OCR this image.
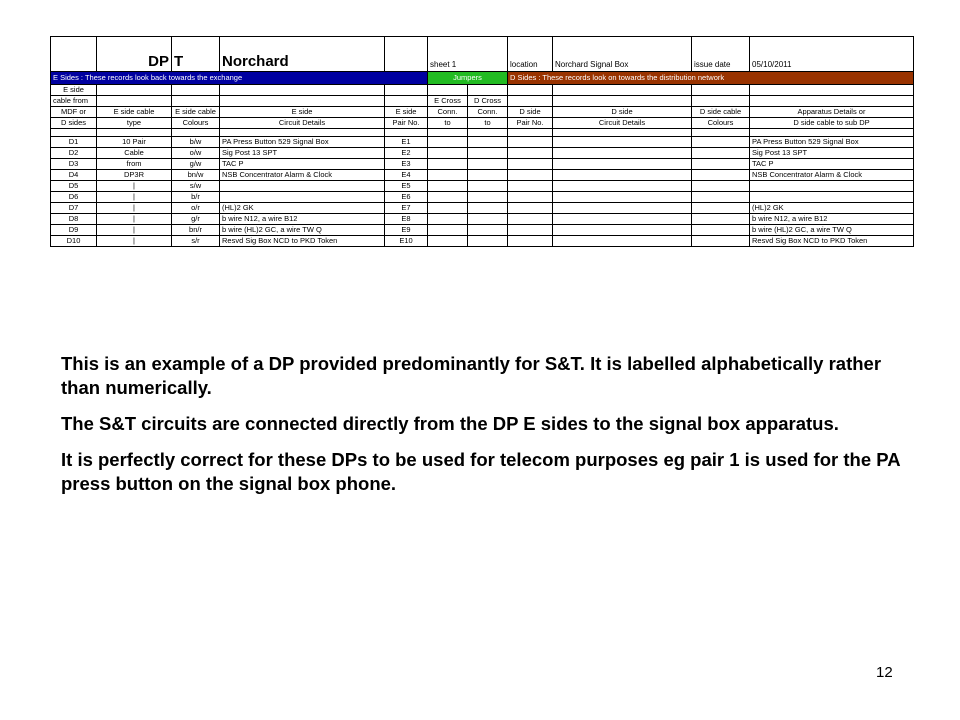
	DP	T	Norchard		sheet 1		location	Norchard Signal Box	issue date	05/10/2011
E Sides : These records look back towards the exchange					Jumpers		D Sides : These records look on towards the distribution network			
E side										
cable from					E Cross	D Cross				
MDF or	E side cable	E side cable	E side	E side	Conn.	Conn.	D side	D side	D side cable	Apparatus Details or
D sides	type	Colours	Circuit Details	Pair No.	to	to	Pair No.	Circuit Details	Colours	D side cable to sub DP

D1	10 Pair	b/w	PA Press Button 529 Signal Box	E1						PA Press Button 529 Signal Box
D2	Cable	o/w	Sig Post 13 SPT	E2						Sig Post 13 SPT
D3	from	g/w	TAC P	E3						TAC P
D4	DP3R	bn/w	NSB Concentrator Alarm & Clock	E4						NSB Concentrator Alarm & Clock
D5	|	s/w		E5						
D6	|	b/r		E6						
D7	|	o/r	(HL)2 GK	E7						(HL)2 GK
D8	|	g/r	b wire N12, a wire B12	E8						b wire N12, a wire B12
D9	|	bn/r	b wire (HL)2 GC, a wire TW Q	E9						b wire (HL)2 GC, a wire TW Q
D10	|	s/r	Resvd Sig Box NCD to PKD Token	E10						Resvd Sig Box NCD to PKD Token

This is an example of a DP provided predominantly for S&T. It is labelled alphabetically rather than numerically.

The S&T circuits are connected directly from the DP E sides to the signal box apparatus.

It is perfectly correct for these DPs to be used for telecom purposes eg pair 1 is used for the PA press button on the signal box phone.

12
